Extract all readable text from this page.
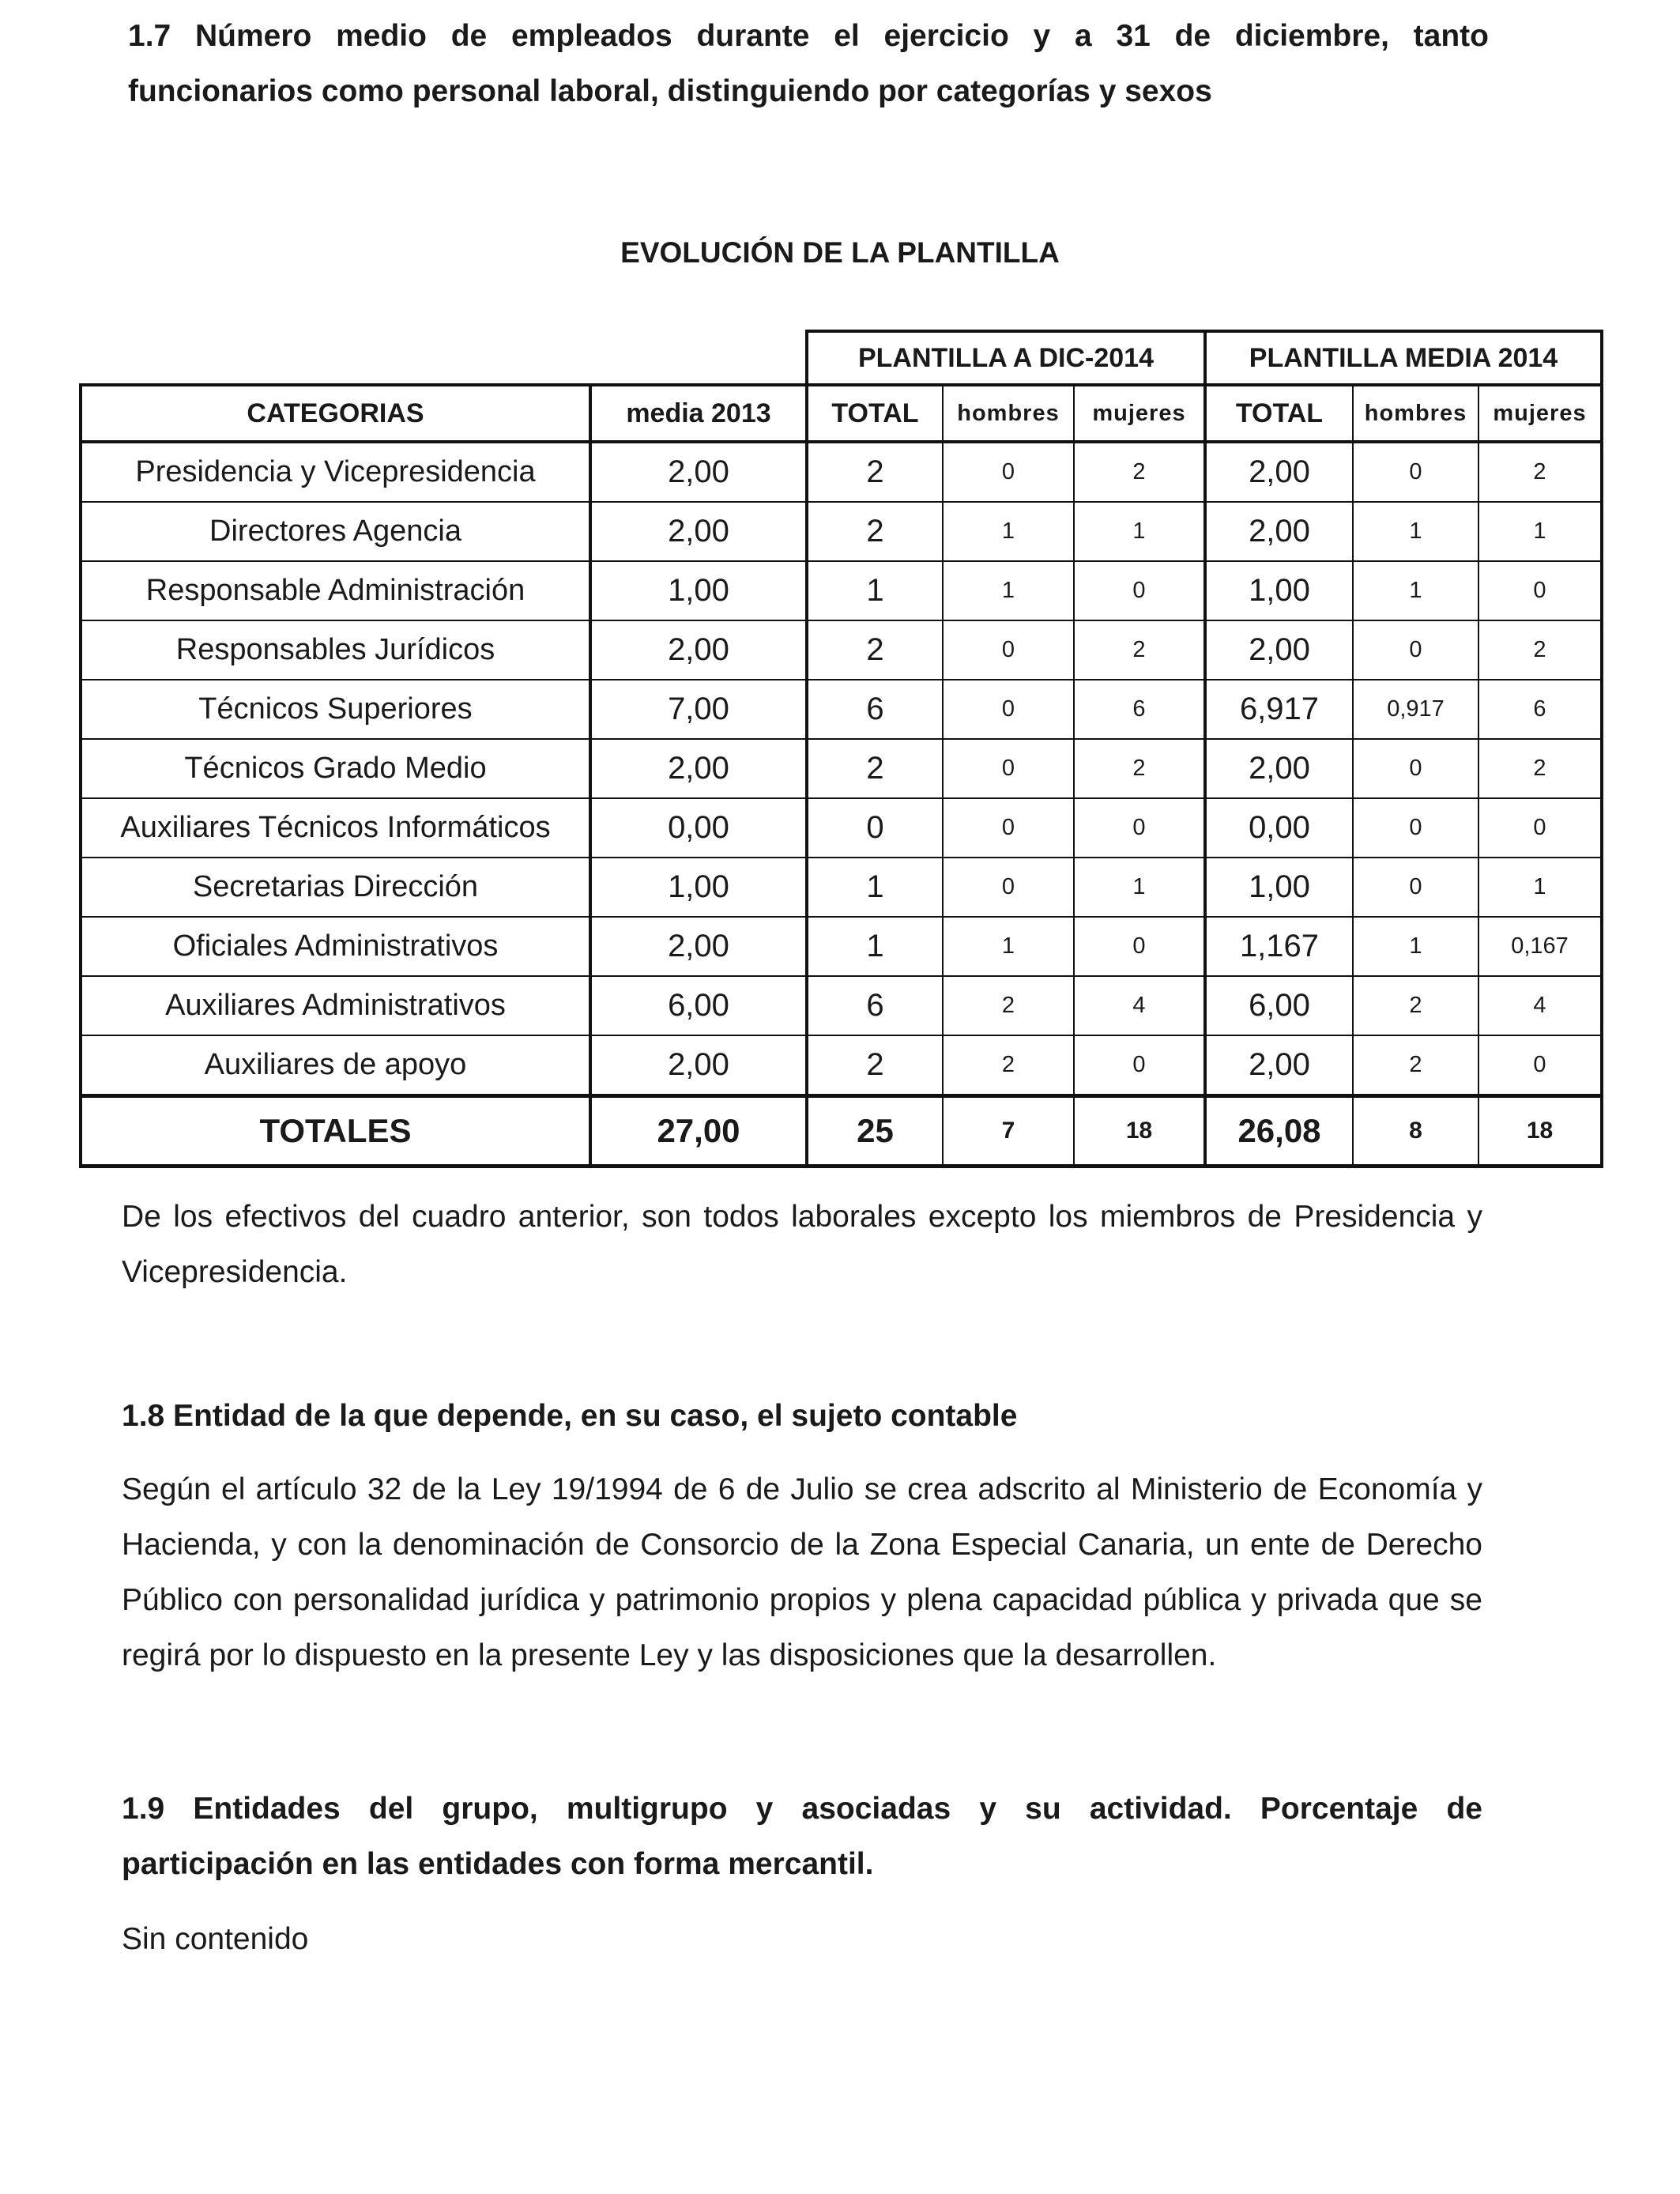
1.7 Número medio de empleados durante el ejercicio y a 31 de diciembre, tanto
funcionarios como personal laboral, distinguiendo por categorías y sexos
EVOLUCIÓN DE LA PLANTILLA
		PLANTILLA A DIC-2014			PLANTILLA MEDIA 2014		
CATEGORIAS	media 2013	TOTAL	hombres	mujeres	TOTAL	hombres	mujeres
Presidencia y Vicepresidencia	2,00	2	0	2	2,00	0	2
Directores Agencia	2,00	2	1	1	2,00	1	1
Responsable Administración	1,00	1	1	0	1,00	1	0
Responsables Jurídicos	2,00	2	0	2	2,00	0	2
Técnicos Superiores	7,00	6	0	6	6,917	0,917	6
Técnicos Grado Medio	2,00	2	0	2	2,00	0	2
Auxiliares Técnicos Informáticos	0,00	0	0	0	0,00	0	0
Secretarias Dirección	1,00	1	0	1	1,00	0	1
Oficiales Administrativos	2,00	1	1	0	1,167	1	0,167
Auxiliares Administrativos	6,00	6	2	4	6,00	2	4
Auxiliares de apoyo	2,00	2	2	0	2,00	2	0
TOTALES	27,00	25	7	18	26,08	8	18
De los efectivos del cuadro anterior, son todos laborales excepto los miembros de Presidencia y Vicepresidencia.
1.8 Entidad de la que depende, en su caso, el sujeto contable
Según el artículo 32 de la Ley 19/1994 de 6 de Julio se crea adscrito al Ministerio de Economía y Hacienda, y con la denominación de Consorcio de la Zona Especial Canaria, un ente de Derecho Público con personalidad jurídica y patrimonio propios y plena capacidad pública y privada que se regirá por lo dispuesto en la presente Ley y las disposiciones que la desarrollen.
1.9 Entidades del grupo, multigrupo y asociadas y su actividad. Porcentaje de
participación en las entidades con forma mercantil.
Sin contenido
